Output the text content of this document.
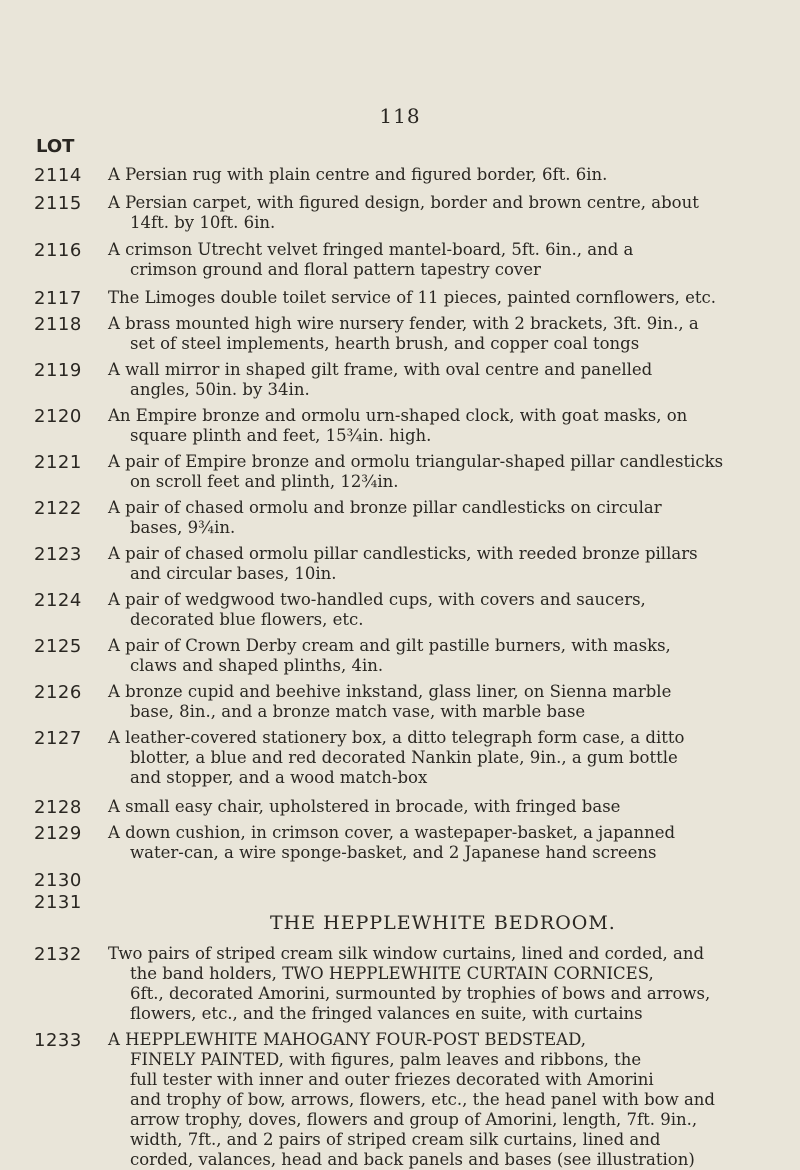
118
LOT
THE HEPPLEWHITE BEDROOM.
2114	A Persian rug with plain centre and figured border, 6ft. 6in.
2115	A Persian carpet, with figured design, border and brown centre, about
14ft. by 10ft. 6in.
2116	A crimson Utrecht velvet fringed mantel-board, 5ft. 6in., and a
crimson ground and floral pattern tapestry cover
2117	The Limoges double toilet service of 11 pieces, painted cornflowers, etc.
2118	A brass mounted high wire nursery fender, with 2 brackets, 3ft. 9in., a
set of steel implements, hearth brush, and copper coal tongs
2119	A wall mirror in shaped gilt frame, with oval centre and panelled
angles, 50in. by 34in.
2120	An Empire bronze and ormolu urn-shaped clock, with goat masks, on
square plinth and feet, 15¾in. high.
2121	A pair of Empire bronze and ormolu triangular-shaped pillar candlesticks
on scroll feet and plinth, 12¾in.
2122	A pair of chased ormolu and bronze pillar candlesticks on circular
bases, 9¾in.
2123	A pair of chased ormolu pillar candlesticks, with reeded bronze pillars
and circular bases, 10in.
2124	A pair of wedgwood two-handled cups, with covers and saucers,
decorated blue flowers, etc.
2125	A pair of Crown Derby cream and gilt pastille burners, with masks,
claws and shaped plinths, 4in.
2126	A bronze cupid and beehive inkstand, glass liner, on Sienna marble
base, 8in., and a bronze match vase, with marble base
2127	A leather-covered stationery box, a ditto telegraph form case, a ditto
blotter, a blue and red decorated Nankin plate, 9in., a gum bottle
and stopper, and a wood match-box
2128	A small easy chair, upholstered in brocade, with fringed base
2129	A down cushion, in crimson cover, a wastepaper-basket, a japanned
water-can, a wire sponge-basket, and 2 Japanese hand screens
2130
2131
2132	Two pairs of striped cream silk window curtains, lined and corded, and
the band holders, TWO HEPPLEWHITE CURTAIN CORNICES,
6ft., decorated Amorini, surmounted by trophies of bows and arrows,
flowers, etc., and the fringed valances en suite, with curtains
1233	A HEPPLEWHITE MAHOGANY FOUR-POST BEDSTEAD,
FINELY PAINTED, with figures, palm leaves and ribbons, the
full tester with inner and outer friezes decorated with Amorini
and trophy of bow, arrows, flowers, etc., the head panel with bow and
arrow trophy, doves, flowers and group of Amorini, length, 7ft. 9in.,
width, 7ft., and 2 pairs of striped cream silk curtains, lined and
corded, valances, head and back panels and bases (see illustration)
